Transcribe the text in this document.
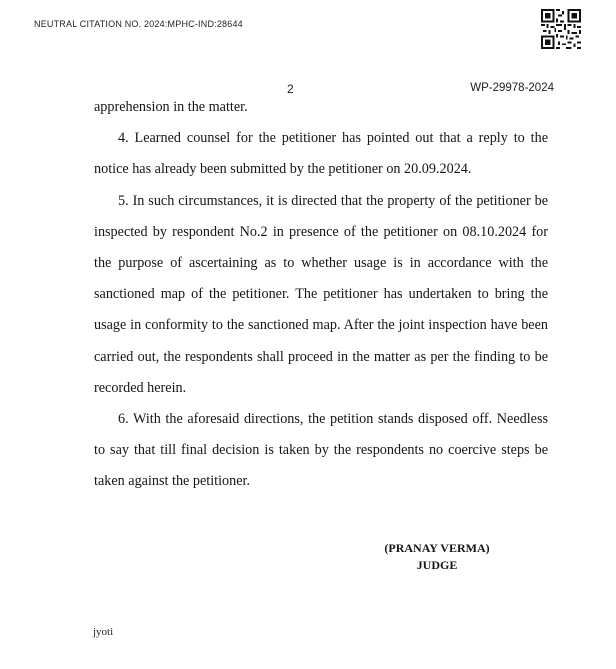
NEUTRAL CITATION NO. 2024:MPHC-IND:28644
2	WP-29978-2024

apprehension in the matter.

4. Learned counsel for the petitioner has pointed out that a reply to the notice has already been submitted by the petitioner on 20.09.2024.

5. In such circumstances, it is directed that the property of the petitioner be inspected by respondent No.2 in presence of the petitioner on 08.10.2024 for the purpose of ascertaining as to whether usage is in accordance with the sanctioned map of the petitioner. The petitioner has undertaken to bring the usage in conformity to the sanctioned map. After the joint inspection have been carried out, the respondents shall proceed in the matter as per the finding to be recorded herein.

6. With the aforesaid directions, the petition stands disposed off. Needless to say that till final decision is taken by the respondents no coercive steps be taken against the petitioner.

(PRANAY VERMA)
JUDGE
jyoti
